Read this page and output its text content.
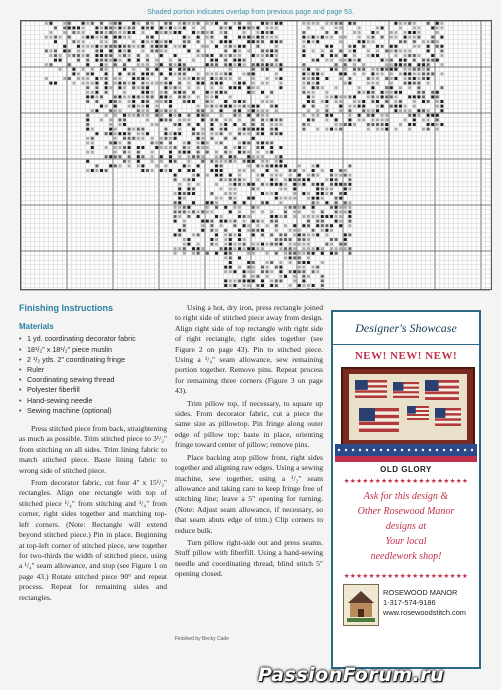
Shaded portion indicates overlap from previous page and page 53.
Finishing Instructions
Materials
• 1 yd. coordinating decorator fabric
• 18¹/₂" x 18¹/₂" piece muslin
• 2 ¹/₂ yds. 2" coordinating fringe
• Ruler
• Coordinating sewing thread
• Polyester fiberfill
• Hand-sewing needle
• Sewing machine (optional)

Press stitched piece from back, straightening as much as possible. Trim stitched piece to 3¹/₂" from stitching on all sides. Trim lining fabric to match stitched piece. Baste lining fabric to wrong side of stitched piece.

From decorator fabric, cut four 4" x 15¹/₂" rectangles. Align one rectangle with top of stitched piece ¹/₄" from stitching and ¹/₄" from corner, right sides together and matching top-left corners. (Note: Rectangle will extend beyond stitched piece.) Pin in place. Beginning at top-left corner of stitched piece, sew together for two-thirds the width of stitched piece, using a ¹/₄" seam allowance, and stop (see Figure 1 on page 43.) Rotate stitched piece 90° and repeat process. Repeat for remaining sides and rectangles.

Using a hot, dry iron, press rectangle joined to right side of stitched piece away from design. Align right side of top rectangle with right side of right rectangle, right sides together (see Figure 2 on page 43). Pin to stitched piece. Using a ¹/₄" seam allowance, sew remaining portion together. Remove pins. Repeat process for remaining three corners (Figure 3 on page 43).

Trim pillow top, if necessary, to square up sides. From decorator fabric, cut a piece the same size as pillowtop. Pin fringe along outer edge of pillow top; baste in place, orienting fringe toward center of pillow; remove pins.

Place backing atop pillow front, right sides together and aligning raw edges. Using a sewing machine, sew together, using a ¹/₂" seam allowance and taking care to keep fringe free of stitching line; leave a 5" opening for turning. (Note: Adjust seam allowance, if necessary, so that seam abuts edge of trim.) Clip corners to reduce bulk.

Turn pillow right-side out and press seams. Stuff pillow with fiberfill. Using a hand-sewing needle and coordinating thread, blind stitch 5" opening closed.

Finished by Becky Cade
Designer's Showcase
NEW! NEW! NEW!
OLD GLORY
★★★★★★★★★★★★★★★★★★★★
Ask for this design &
Other Rosewood Manor
designs at
Your local
needlework shop!
★★★★★★★★★★★★★★★★★★★★
ROSEWOOD MANOR
1-317-574-9186
www.rosewoodstitch.com
PassionForum.ru
